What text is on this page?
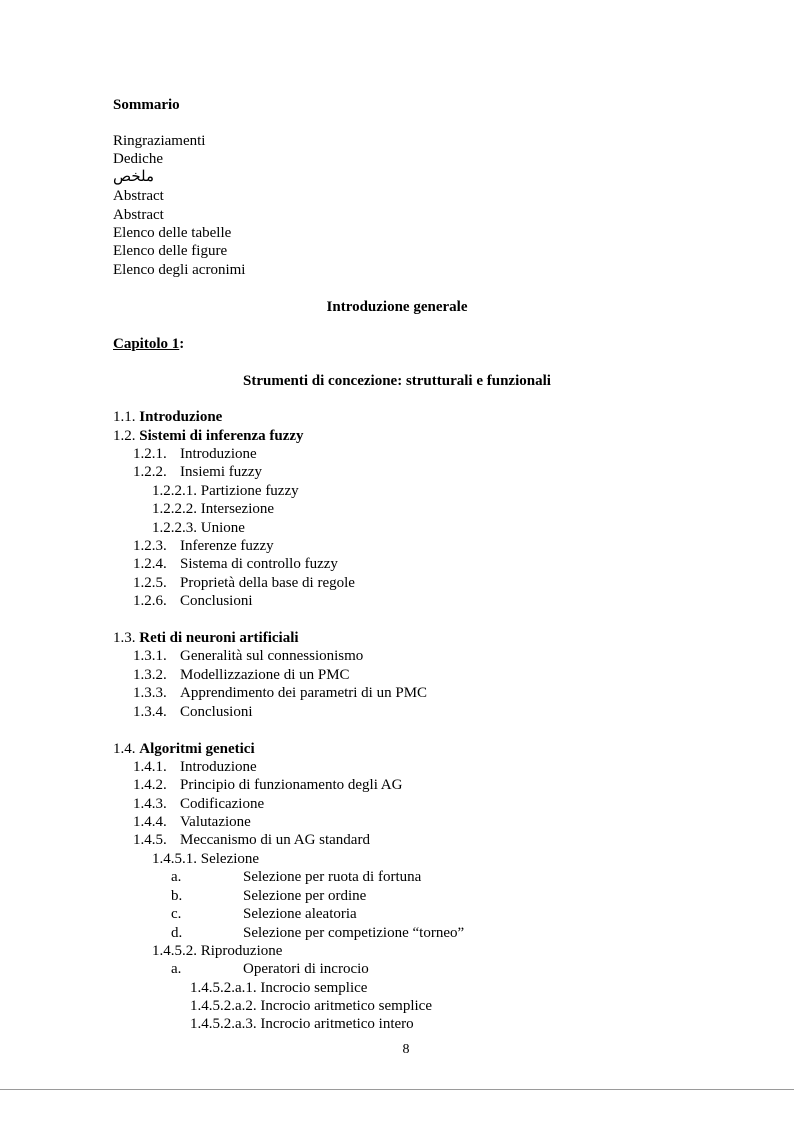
Sommario
Ringraziamenti
Dediche
ملخص
Abstract
Abstract
Elenco delle tabelle
Elenco delle figure
Elenco degli acronimi
Introduzione generale
Capitolo 1:
Strumenti di concezione: strutturali e funzionali
1.1. Introduzione
1.2. Sistemi di inferenza fuzzy
1.2.1. Introduzione
1.2.2. Insiemi fuzzy
1.2.2.1. Partizione fuzzy
1.2.2.2. Intersezione
1.2.2.3. Unione
1.2.3. Inferenze fuzzy
1.2.4. Sistema di controllo fuzzy
1.2.5. Proprietà della base di regole
1.2.6. Conclusioni
1.3. Reti di neuroni artificiali
1.3.1. Generalità sul connessionismo
1.3.2. Modellizzazione di un PMC
1.3.3. Apprendimento dei parametri di un PMC
1.3.4. Conclusioni
1.4. Algoritmi genetici
1.4.1. Introduzione
1.4.2. Principio di funzionamento degli AG
1.4.3. Codificazione
1.4.4. Valutazione
1.4.5. Meccanismo di un AG standard
1.4.5.1. Selezione
a.	Selezione per ruota di fortuna
b.	Selezione per ordine
c.	Selezione aleatoria
d.	Selezione per competizione “torneo”
1.4.5.2. Riproduzione
a.	Operatori di incrocio
1.4.5.2.a.1. Incrocio semplice
1.4.5.2.a.2. Incrocio aritmetico semplice
1.4.5.2.a.3. Incrocio aritmetico intero
8
